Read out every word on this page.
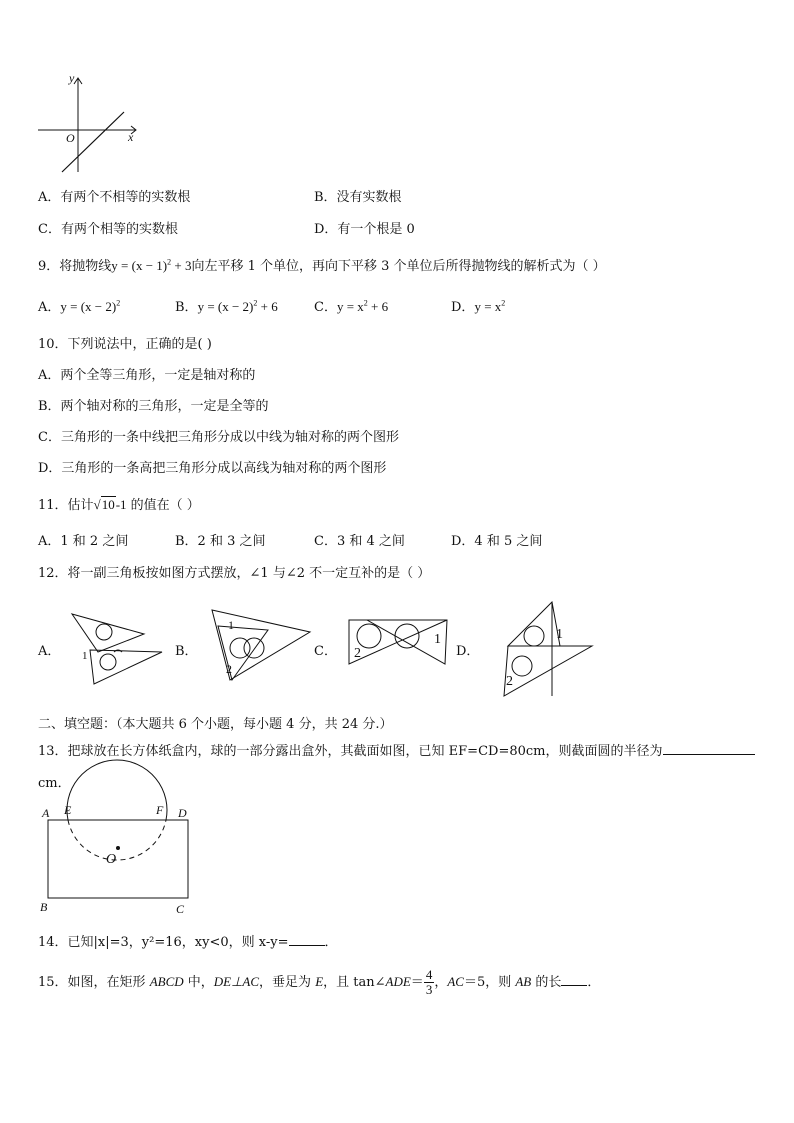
y
x
O
A．有两个不相等的实数根	B．没有实数根
C．有两个相等的实数根	D．有一个根是 0
9．将抛物线$y = (x - 1)^2 + 3$向左平移 1 个单位，再向下平移 3 个单位后所得抛物线的解析式为（ ）
A．$y = (x - 2)^2$	B．$y = (x - 2)^2 + 6$	C．$y = x^2 + 6$	D．$y = x^2$
10．下列说法中，正确的是( )
A．两个全等三角形，一定是轴对称的
B．两个轴对称的三角形，一定是全等的
C．三角形的一条中线把三角形分成以中线为轴对称的两个图形
D．三角形的一条高把三角形分成以高线为轴对称的两个图形
11．估计√10-1 的值在（ ）
A．1 和 2 之间	B．2 和 3 之间	C．3 和 4 之间	D．4 和 5 之间
12．将一副三角板按如图方式摆放，∠1 与∠2 不一定互补的是（ ）
A． 1	B．
1
2
C．
1
2	D．
1
2
二、填空题：（本大题共 6 个小题，每小题 4 分，共 24 分.）
13．把球放在长方体纸盒内，球的一部分露出盒外，其截面如图，已知 EF=CD=80cm，则截面圆的半径为
cm．
A E	F D
O
B	C
14．已知|x|=3，y²=16，xy<0，则 x-y=	．
15．如图，在矩形 ABCD 中，DE⊥AC，垂足为 E，且 tan∠ADE＝ $\frac{4}{3}$ ，AC＝5，则 AB 的长 ．
